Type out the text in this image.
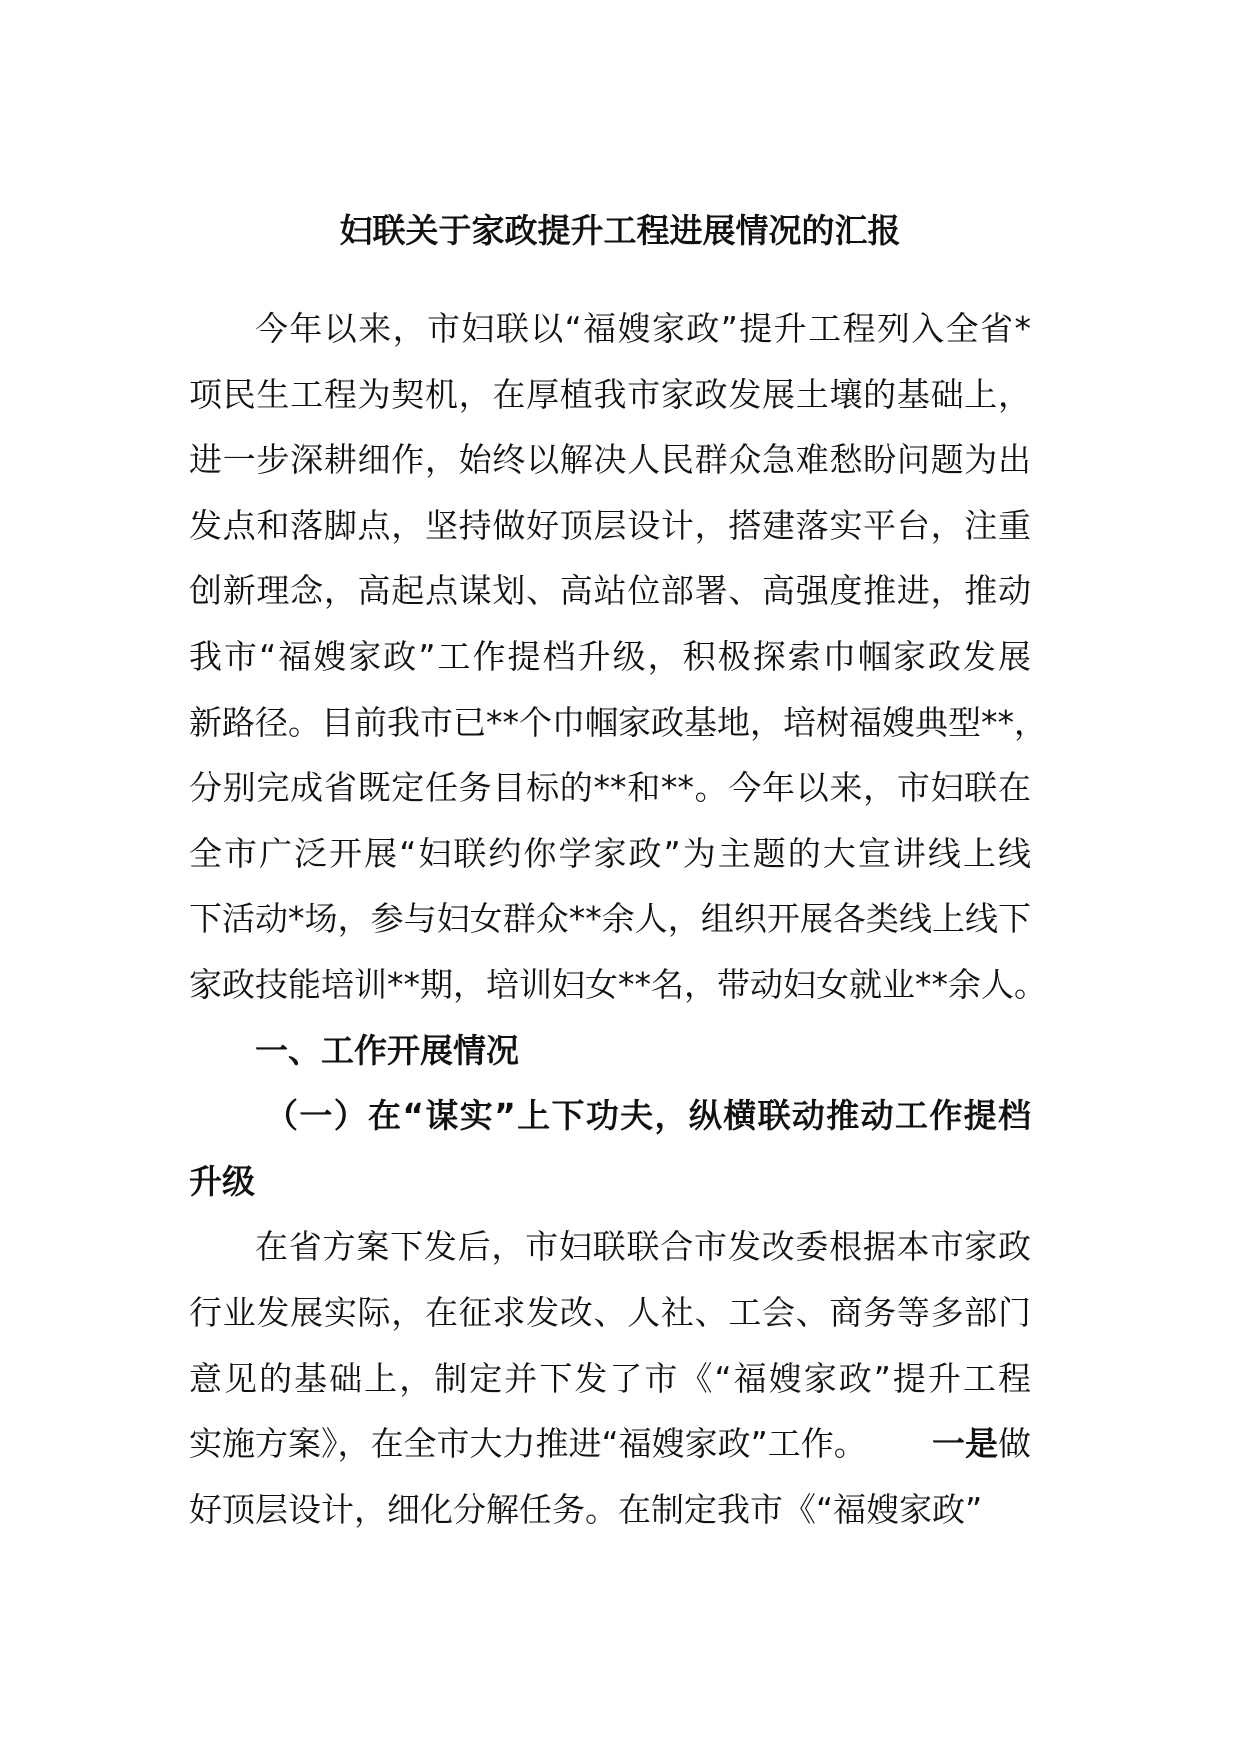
妇联关于家政提升工程进展情况的汇报
今年以来，市妇联以“福嫂家政”提升工程列入全省*
项民生工程为契机，在厚植我市家政发展土壤的基础上，
进一步深耕细作，始终以解决人民群众急难愁盼问题为出
发点和落脚点，坚持做好顶层设计，搭建落实平台，注重
创新理念，高起点谋划、高站位部署、高强度推进，推动
我市“福嫂家政”工作提档升级，积极探索巾帼家政发展
新路径。目前我市已**个巾帼家政基地，培树福嫂典型**，
分别完成省既定任务目标的**和**。今年以来，市妇联在
全市广泛开展“妇联约你学家政”为主题的大宣讲线上线
下活动*场，参与妇女群众**余人，组织开展各类线上线下
家政技能培训**期，培训妇女**名，带动妇女就业**余人。
一、工作开展情况
（一）在“谋实”上下功夫，纵横联动推动工作提档
升级
在省方案下发后，市妇联联合市发改委根据本市家政
行业发展实际，在征求发改、人社、工会、商务等多部门
意见的基础上，制定并下发了市《“福嫂家政”提升工程
实施方案》，在全市大力推进“福嫂家政”工作。 一是做
好顶层设计，细化分解任务。在制定我市《“福嫂家政”
